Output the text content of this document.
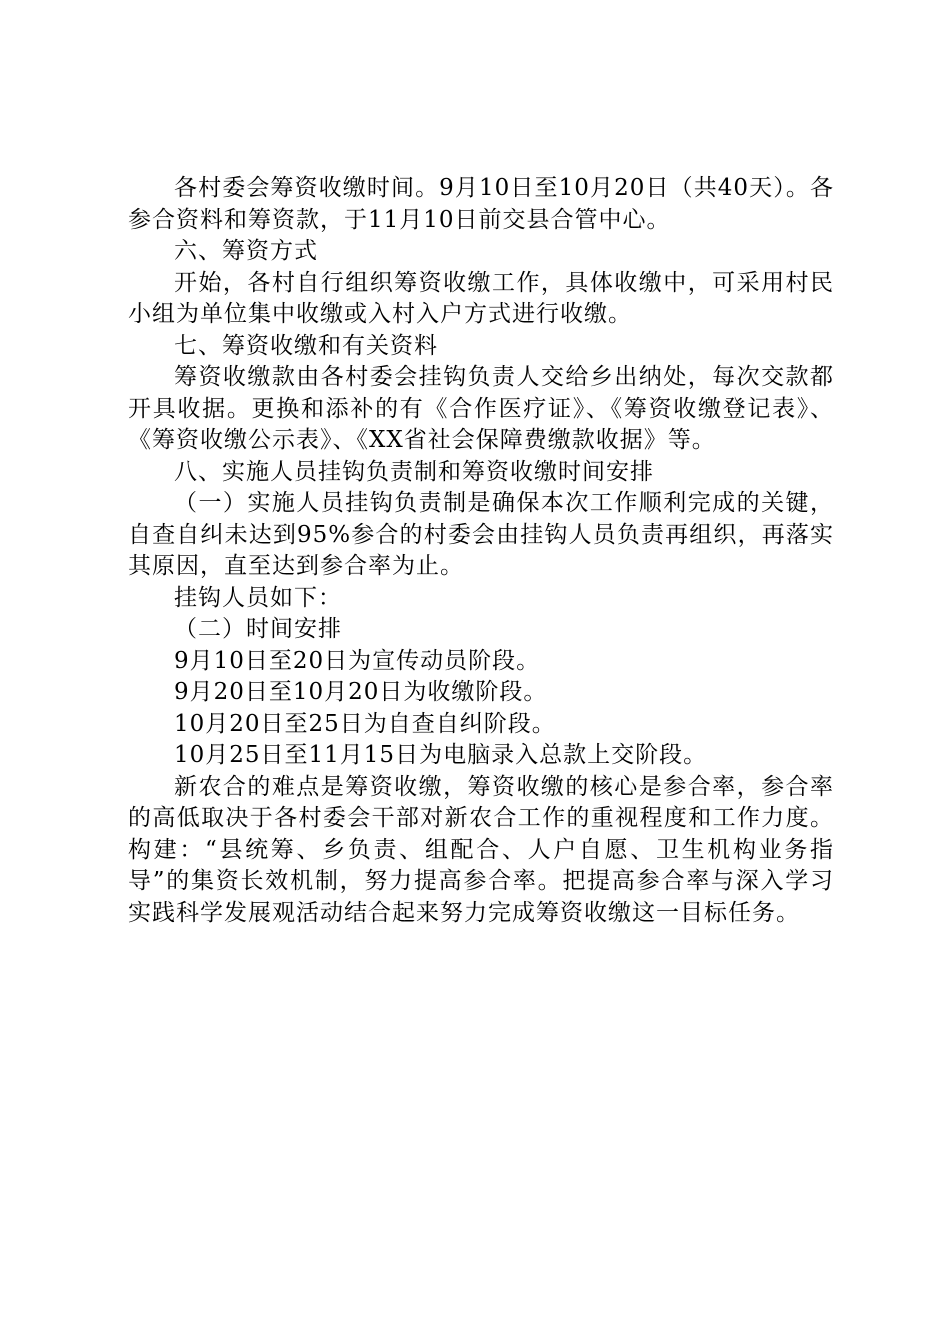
各村委会筹资收缴时间。9月10日至10月20日（共40天）。各参合资料和筹资款，于11月10日前交县合管中心。

六、筹资方式

开始，各村自行组织筹资收缴工作，具体收缴中，可采用村民小组为单位集中收缴或入村入户方式进行收缴。

七、筹资收缴和有关资料

筹资收缴款由各村委会挂钩负责人交给乡出纳处，每次交款都开具收据。更换和添补的有《合作医疗证》、《筹资收缴登记表》、《筹资收缴公示表》、《XX省社会保障费缴款收据》等。

八、实施人员挂钩负责制和筹资收缴时间安排

（一）实施人员挂钩负责制是确保本次工作顺利完成的关键，自查自纠未达到95%参合的村委会由挂钩人员负责再组织，再落实其原因，直至达到参合率为止。

挂钩人员如下：

（二）时间安排

9月10日至20日为宣传动员阶段。

9月20日至10月20日为收缴阶段。

10月20日至25日为自查自纠阶段。

10月25日至11月15日为电脑录入总款上交阶段。

新农合的难点是筹资收缴，筹资收缴的核心是参合率，参合率的高低取决于各村委会干部对新农合工作的重视程度和工作力度。构建：“县统筹、乡负责、组配合、人户自愿、卫生机构业务指导”的集资长效机制，努力提高参合率。把提高参合率与深入学习实践科学发展观活动结合起来努力完成筹资收缴这一目标任务。
